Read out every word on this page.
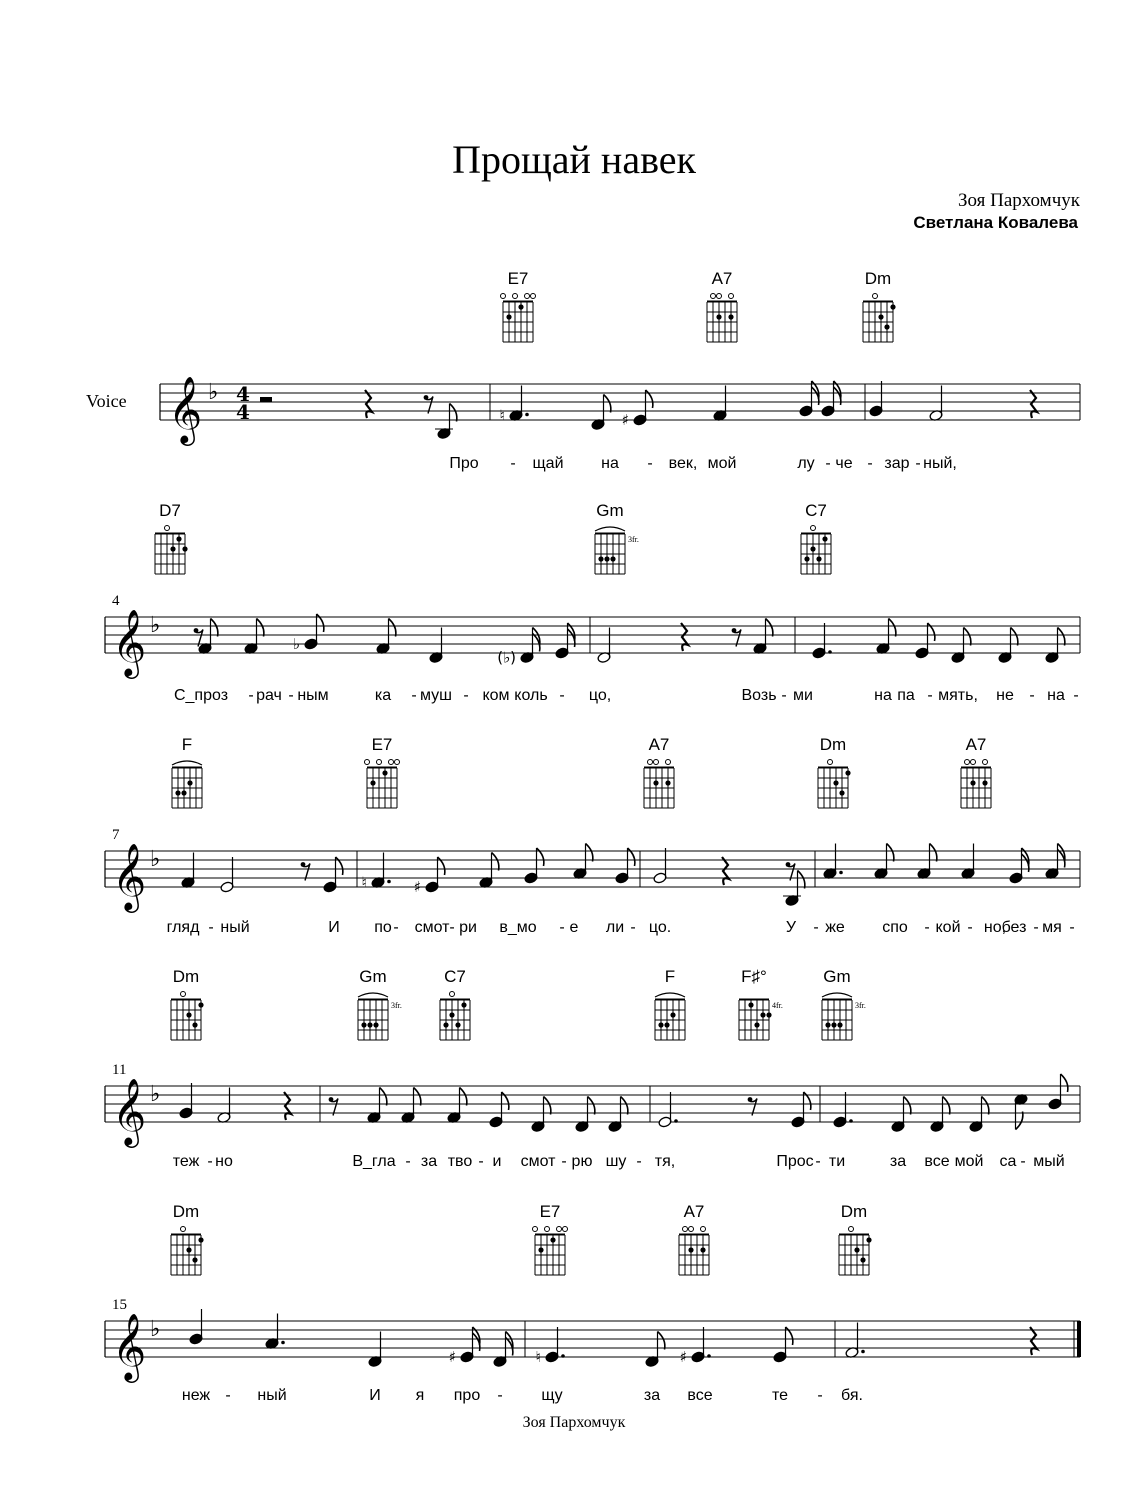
Прощай навек
Зоя Пархомчук
Светлана Ковалева
Voice
Зоя Пархомчук
𝄞 ♭ 4
4
E7	A7	Dm
Про - щай на - век, мой	лу - че - зар - ный,
𝄞 ♭
4
D7	Gm
3fr.
C7
С_проз - рач - ным	ка - муш - ком коль - цо,	Возь - ми	на па - мять, не - на -
𝄞 ♭
7
F	E7	A7	Dm	A7
гляд - ный	И по - смот - ри в_мо - е ли - цо.	У - же спо - кой - но,
без - мя -
𝄞 ♭
11
Dm	Gm
3fr.
C7	F	F♯°
4fr.
Gm
3fr.
теж - но	В_гла - за тво - и смот - рю шу - тя,	Прос - ти	за все мой са - мый
𝄞 ♭
15
Dm	E7	A7	Dm
неж - ный	И я про - щу	за все	те - бя.
♮	♯
♭
(♭)
♮	♯
♯	♮	♯
